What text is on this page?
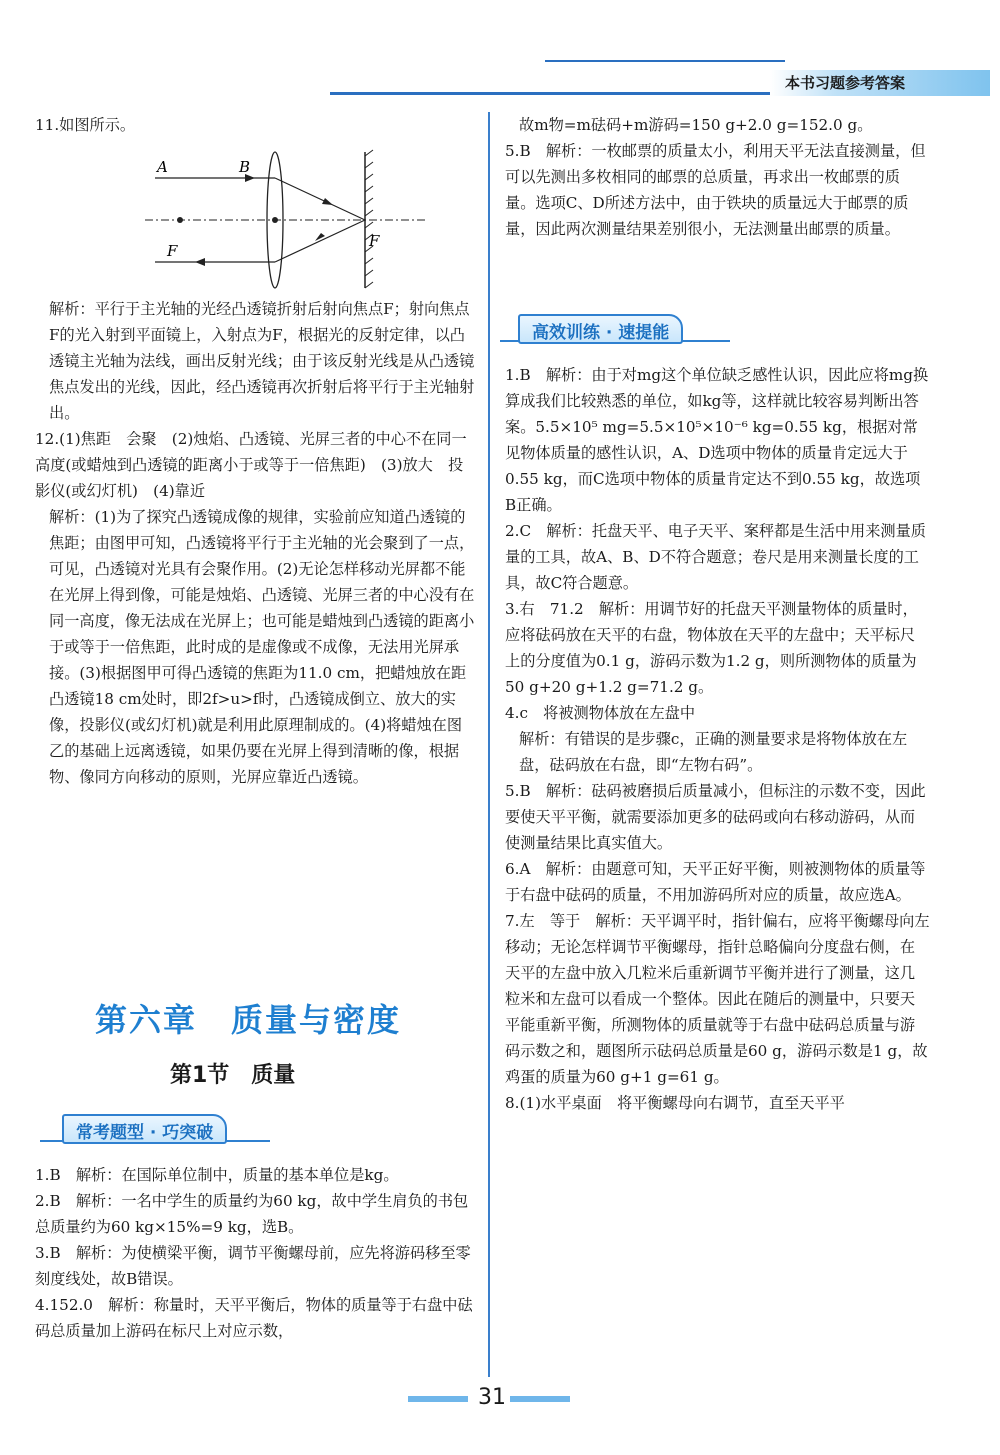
本书习题参考答案

11.如图所示。

A	B
F
F

解析：平行于主光轴的光经凸透镜折射后射向焦点F；射向焦点F的光入射到平面镜上，入射点为F，根据光的反射定律，以凸透镜主光轴为法线，画出反射光线；由于该反射光线是从凸透镜焦点发出的光线，因此，经凸透镜再次折射后将平行于主光轴射出。

12.(1)焦距　会聚　(2)烛焰、凸透镜、光屏三者的中心不在同一高度(或蜡烛到凸透镜的距离小于或等于一倍焦距)　(3)放大　投影仪(或幻灯机)　(4)靠近

解析：(1)为了探究凸透镜成像的规律，实验前应知道凸透镜的焦距；由图甲可知，凸透镜将平行于主光轴的光会聚到了一点，可见，凸透镜对光具有会聚作用。(2)无论怎样移动光屏都不能在光屏上得到像，可能是烛焰、凸透镜、光屏三者的中心没有在同一高度，像无法成在光屏上；也可能是蜡烛到凸透镜的距离小于或等于一倍焦距，此时成的是虚像或不成像，无法用光屏承接。(3)根据图甲可得凸透镜的焦距为11.0 cm，把蜡烛放在距凸透镜18 cm处时，即2f>u>f时，凸透镜成倒立、放大的实像，投影仪(或幻灯机)就是利用此原理制成的。(4)将蜡烛在图乙的基础上远离透镜，如果仍要在光屏上得到清晰的像，根据物、像同方向移动的原则，光屏应靠近凸透镜。

第六章　质量与密度
第1节　质量
常考题型 · 巧突破

1.B　解析：在国际单位制中，质量的基本单位是kg。

2.B　解析：一名中学生的质量约为60 kg，故中学生肩负的书包总质量约为60 kg×15%=9 kg，选B。

3.B　解析：为使横梁平衡，调节平衡螺母前，应先将游码移至零刻度线处，故B错误。

4.152.0　解析：称量时，天平平衡后，物体的质量等于右盘中砝码总质量加上游码在标尺上对应示数，

故m物=m砝码+m游码=150 g+2.0 g=152.0 g。

5.B　解析：一枚邮票的质量太小，利用天平无法直接测量，但可以先测出多枚相同的邮票的总质量，再求出一枚邮票的质量。选项C、D所述方法中，由于铁块的质量远大于邮票的质量，因此两次测量结果差别很小，无法测量出邮票的质量。

高效训练 · 速提能

1.B　解析：由于对mg这个单位缺乏感性认识，因此应将mg换算成我们比较熟悉的单位，如kg等，这样就比较容易判断出答案。5.5×10⁵ mg=5.5×10⁵×10⁻⁶ kg=0.55 kg，根据对常见物体质量的感性认识，A、D选项中物体的质量肯定远大于0.55 kg，而C选项中物体的质量肯定达不到0.55 kg，故选项B正确。

2.C　解析：托盘天平、电子天平、案秤都是生活中用来测量质量的工具，故A、B、D不符合题意；卷尺是用来测量长度的工具，故C符合题意。

3.右　71.2　解析：用调节好的托盘天平测量物体的质量时，应将砝码放在天平的右盘，物体放在天平的左盘中；天平标尺上的分度值为0.1 g，游码示数为1.2 g，则所测物体的质量为50 g+20 g+1.2 g=71.2 g。

4.c　将被测物体放在左盘中

解析：有错误的是步骤c，正确的测量要求是将物体放在左盘，砝码放在右盘，即“左物右码”。

5.B　解析：砝码被磨损后质量减小，但标注的示数不变，因此要使天平平衡，就需要添加更多的砝码或向右移动游码，从而使测量结果比真实值大。

6.A　解析：由题意可知，天平正好平衡，则被测物体的质量等于右盘中砝码的质量，不用加游码所对应的质量，故应选A。

7.左　等于　解析：天平调平时，指针偏右，应将平衡螺母向左移动；无论怎样调节平衡螺母，指针总略偏向分度盘右侧，在天平的左盘中放入几粒米后重新调节平衡并进行了测量，这几粒米和左盘可以看成一个整体。因此在随后的测量中，只要天平能重新平衡，所测物体的质量就等于右盘中砝码总质量与游码示数之和，题图所示砝码总质量是60 g，游码示数是1 g，故鸡蛋的质量为60 g+1 g=61 g。

8.(1)水平桌面　将平衡螺母向右调节，直至天平平

31
